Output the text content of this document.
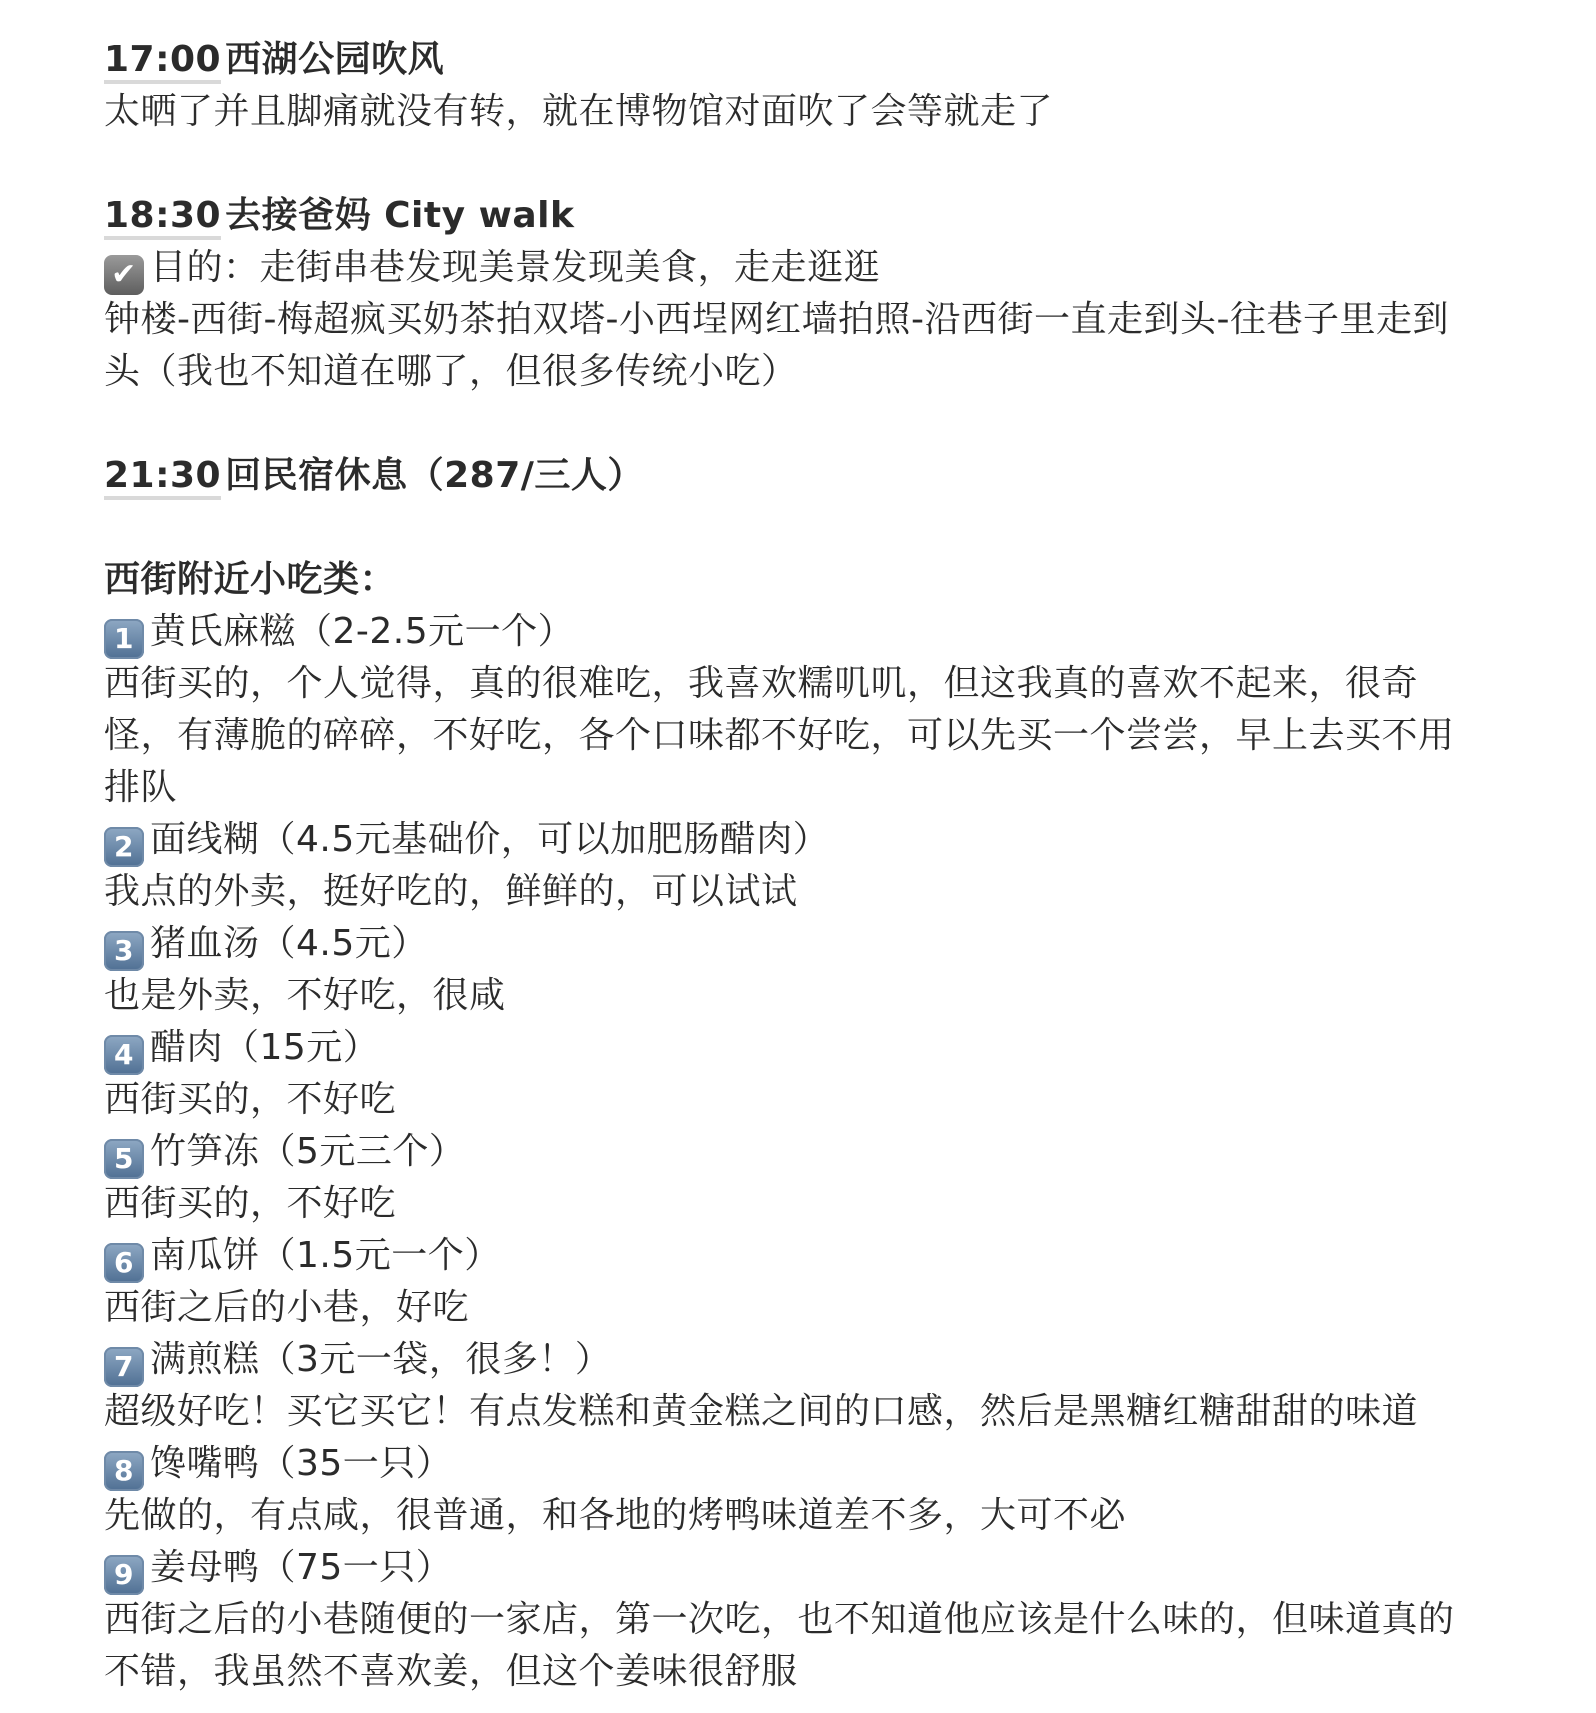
17:00 西湖公园吹风
太晒了并且脚痛就没有转，就在博物馆对面吹了会等就走了
18:30 去接爸妈 City walk
✔ 目的：走街串巷发现美景发现美食，走走逛逛
钟楼-西街-梅超疯买奶茶拍双塔-小西埕网红墙拍照-沿西街一直走到头-往巷子里走到
头（我也不知道在哪了，但很多传统小吃）
21:30 回民宿休息（287/三人）
西街附近小吃类：
1 黄氏麻糍（2-2.5元一个）
西街买的，个人觉得，真的很难吃，我喜欢糯叽叽，但这我真的喜欢不起来，很奇
怪，有薄脆的碎碎，不好吃，各个口味都不好吃，可以先买一个尝尝，早上去买不用
排队
2 面线糊（4.5元基础价，可以加肥肠醋肉）
我点的外卖，挺好吃的，鲜鲜的，可以试试
3 猪血汤（4.5元）
也是外卖，不好吃，很咸
4 醋肉（15元）
西街买的，不好吃
5 竹笋冻（5元三个）
西街买的，不好吃
6 南瓜饼（1.5元一个）
西街之后的小巷，好吃
7 满煎糕（3元一袋，很多！）
超级好吃！买它买它！有点发糕和黄金糕之间的口感，然后是黑糖红糖甜甜的味道
8 馋嘴鸭（35一只）
先做的，有点咸，很普通，和各地的烤鸭味道差不多，大可不必
9 姜母鸭（75一只）
西街之后的小巷随便的一家店，第一次吃，也不知道他应该是什么味的，但味道真的
不错，我虽然不喜欢姜，但这个姜味很舒服
